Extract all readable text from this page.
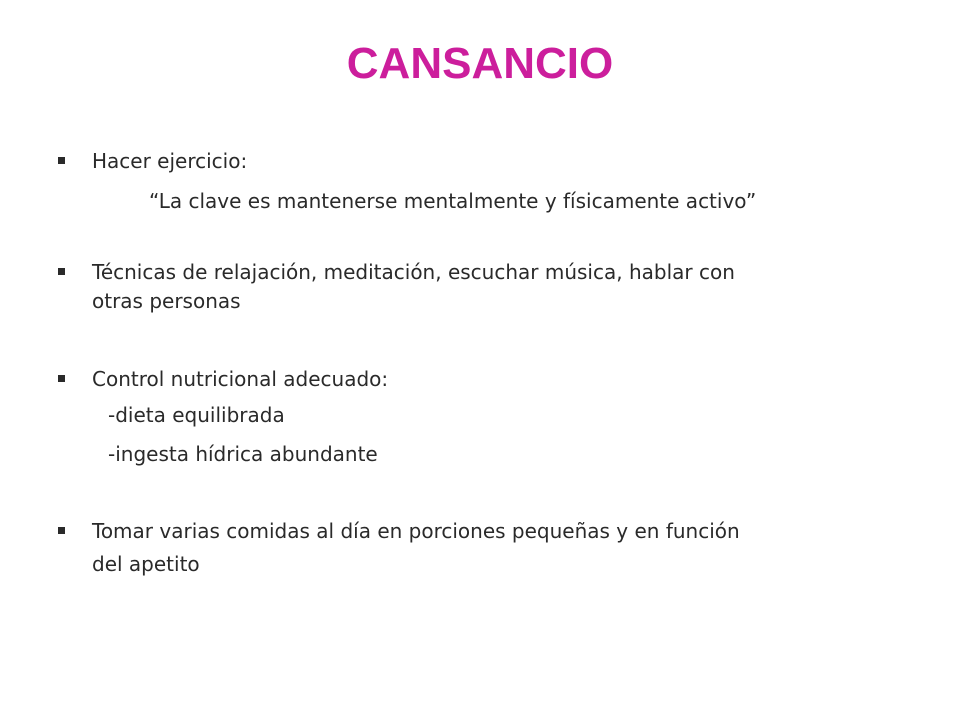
CANSANCIO

Hacer ejercicio:

“La clave es mantenerse mentalmente y físicamente activo”

Técnicas de relajación, meditación, escuchar música, hablar con

otras personas

Control nutricional adecuado:

-dieta equilibrada

-ingesta hídrica abundante

Tomar varias comidas al día en porciones pequeñas y en función

del apetito
